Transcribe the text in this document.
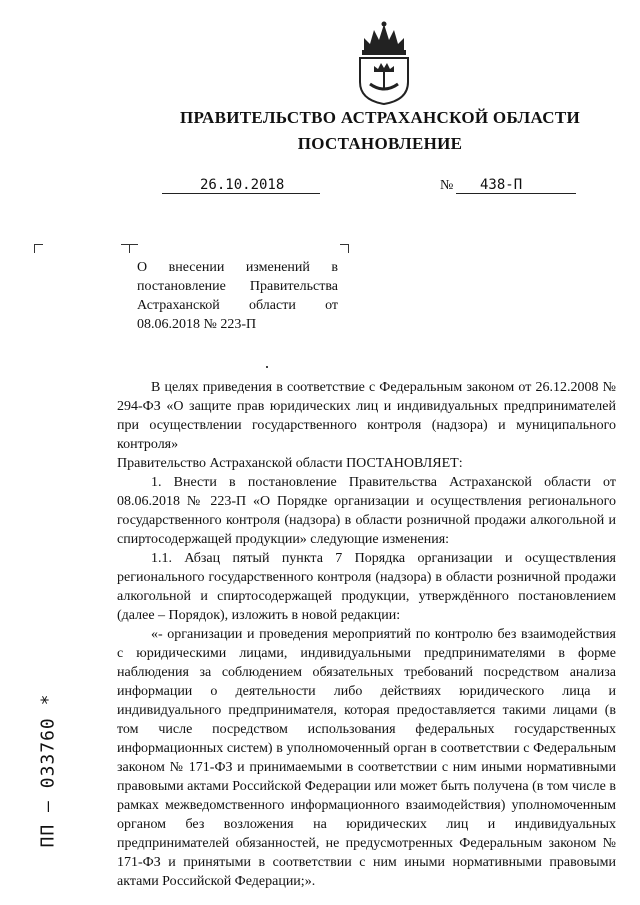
ПРАВИТЕЛЬСТВО АСТРАХАНСКОЙ ОБЛАСТИ
ПОСТАНОВЛЕНИЕ
26.10.2018	№ 438-П
О внесении изменений в постановление Правительства Астраханской области от 08.06.2018 № 223-П

В целях приведения в соответствие с Федеральным законом от 26.12.2008 № 294-ФЗ «О защите прав юридических лиц и индивидуальных предпринимателей при осуществлении государственного контроля (надзора) и муниципального контроля»

Правительство Астраханской области ПОСТАНОВЛЯЕТ:

1. Внести в постановление Правительства Астраханской области от 08.06.2018 № 223-П «О Порядке организации и осуществления регионального государственного контроля (надзора) в области розничной продажи алкогольной и спиртосодержащей продукции» следующие изменения:

1.1. Абзац пятый пункта 7 Порядка организации и осуществления регионального государственного контроля (надзора) в области розничной продажи алкогольной и спиртосодержащей продукции, утверждённого постановлением (далее – Порядок), изложить в новой редакции:

«- организации и проведения мероприятий по контролю без взаимодействия с юридическими лицами, индивидуальными предпринимателями в форме наблюдения за соблюдением обязательных требований посредством анализа информации о деятельности либо действиях юридического лица и индивидуального предпринимателя, которая предоставляется такими лицами (в том числе посредством использования федеральных государственных информационных систем) в уполномоченный орган в соответствии с Федеральным законом № 171-ФЗ и принимаемыми в соответствии с ним иными нормативными правовыми актами Российской Федерации или может быть получена (в том числе в рамках межведомственного информационного взаимодействия) уполномоченным органом без возложения на юридических лиц и индивидуальных предпринимателей обязанностей, не предусмотренных Федеральным законом № 171-ФЗ и принятыми в соответствии с ним иными нормативными правовыми актами Российской Федерации;».

ПП – 033760 *
